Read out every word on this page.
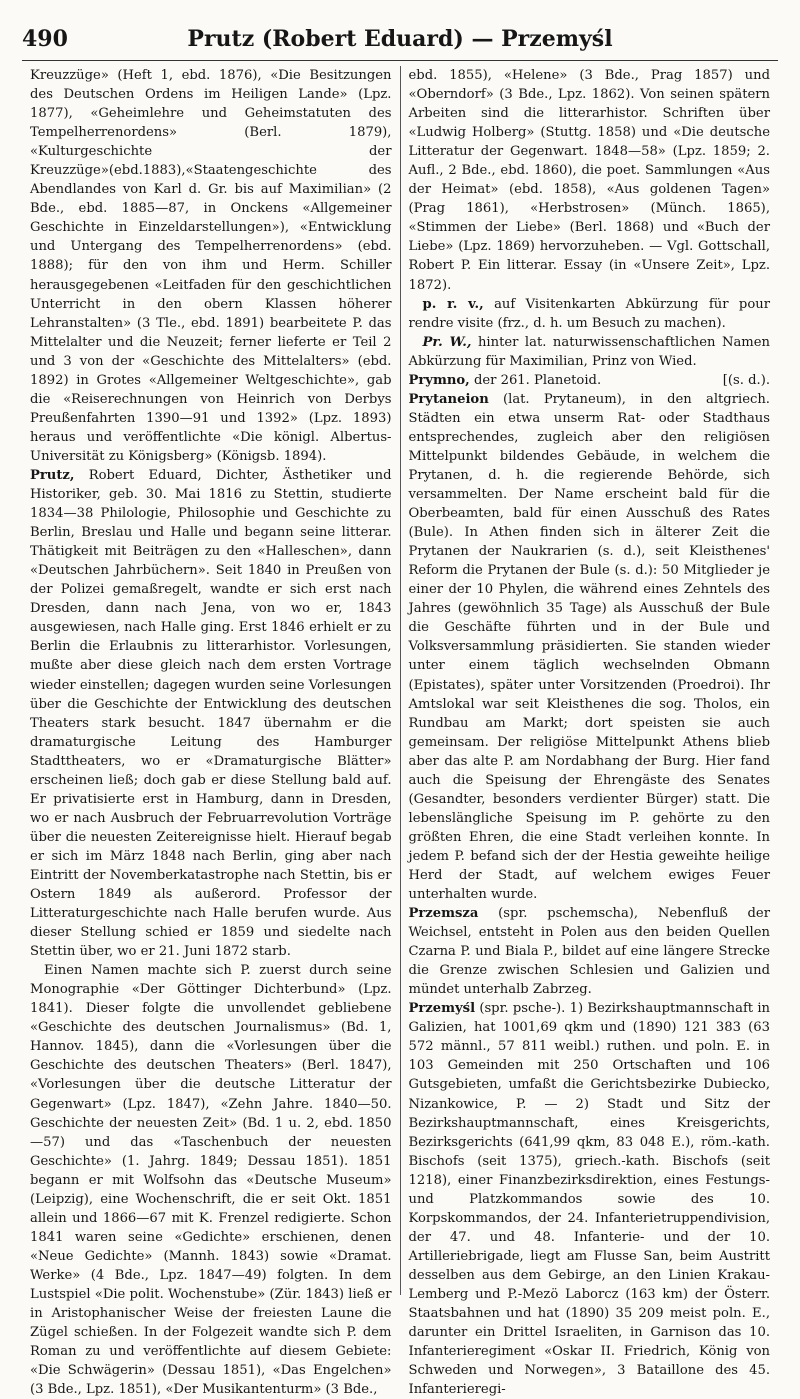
490	Prutz (Robert Eduard) — Przemyśl

Kreuzzüge» (Heft 1, ebd. 1876), «Die Besitzungen des Deutschen Ordens im Heiligen Lande» (Lpz. 1877), «Geheimlehre und Geheimstatuten des Tempelherrenordens» (Berl. 1879), «Kulturgeschichte der Kreuzzüge»(ebd.1883),«Staatengeschichte des Abendlandes von Karl d. Gr. bis auf Maximilian» (2 Bde., ebd. 1885—87, in Onckens «Allgemeiner Geschichte in Einzeldarstellungen»), «Entwicklung und Untergang des Tempelherrenordens» (ebd. 1888); für den von ihm und Herm. Schiller herausgegebenen «Leitfaden für den geschichtlichen Unterricht in den obern Klassen höherer Lehranstalten» (3 Tle., ebd. 1891) bearbeitete P. das Mittelalter und die Neuzeit; ferner lieferte er Teil 2 und 3 von der «Geschichte des Mittelalters» (ebd. 1892) in Grotes «Allgemeiner Weltgeschichte», gab die «Reiserechnungen von Heinrich von Derbys Preußenfahrten 1390—91 und 1392» (Lpz. 1893) heraus und veröffentlichte «Die königl. Albertus-Universität zu Königsberg» (Königsb. 1894).

Prutz, Robert Eduard, Dichter, Ästhetiker und Historiker, geb. 30. Mai 1816 zu Stettin, studierte 1834—38 Philologie, Philosophie und Geschichte zu Berlin, Breslau und Halle und begann seine litterar. Thätigkeit mit Beiträgen zu den «Halleschen», dann «Deutschen Jahrbüchern». Seit 1840 in Preußen von der Polizei gemaßregelt, wandte er sich erst nach Dresden, dann nach Jena, von wo er, 1843 ausgewiesen, nach Halle ging. Erst 1846 erhielt er zu Berlin die Erlaubnis zu litterarhistor. Vorlesungen, mußte aber diese gleich nach dem ersten Vortrage wieder einstellen; dagegen wurden seine Vorlesungen über die Geschichte der Entwicklung des deutschen Theaters stark besucht. 1847 übernahm er die dramaturgische Leitung des Hamburger Stadttheaters, wo er «Dramaturgische Blätter» erscheinen ließ; doch gab er diese Stellung bald auf. Er privatisierte erst in Hamburg, dann in Dresden, wo er nach Ausbruch der Februarrevolution Vorträge über die neuesten Zeitereignisse hielt. Hierauf begab er sich im März 1848 nach Berlin, ging aber nach Eintritt der Novemberkatastrophe nach Stettin, bis er Ostern 1849 als außerord. Professor der Litteraturgeschichte nach Halle berufen wurde. Aus dieser Stellung schied er 1859 und siedelte nach Stettin über, wo er 21. Juni 1872 starb.

Einen Namen machte sich P. zuerst durch seine Monographie «Der Göttinger Dichterbund» (Lpz. 1841). Dieser folgte die unvollendet gebliebene «Geschichte des deutschen Journalismus» (Bd. 1, Hannov. 1845), dann die «Vorlesungen über die Geschichte des deutschen Theaters» (Berl. 1847), «Vorlesungen über die deutsche Litteratur der Gegenwart» (Lpz. 1847), «Zehn Jahre. 1840—50. Geschichte der neuesten Zeit» (Bd. 1 u. 2, ebd. 1850—57) und das «Taschenbuch der neuesten Geschichte» (1. Jahrg. 1849; Dessau 1851). 1851 begann er mit Wolfsohn das «Deutsche Museum» (Leipzig), eine Wochenschrift, die er seit Okt. 1851 allein und 1866—67 mit K. Frenzel redigierte. Schon 1841 waren seine «Gedichte» erschienen, denen «Neue Gedichte» (Mannh. 1843) sowie «Dramat. Werke» (4 Bde., Lpz. 1847—49) folgten. In dem Lustspiel «Die polit. Wochenstube» (Zür. 1843) ließ er in Aristophanischer Weise der freiesten Laune die Zügel schießen. In der Folgezeit wandte sich P. dem Roman zu und veröffentlichte auf diesem Gebiete: «Die Schwägerin» (Dessau 1851), «Das Engelchen» (3 Bde., Lpz. 1851), «Der Musikantenturm» (3 Bde.,

ebd. 1855), «Helene» (3 Bde., Prag 1857) und «Oberndorf» (3 Bde., Lpz. 1862). Von seinen spätern Arbeiten sind die litterarhistor. Schriften über «Ludwig Holberg» (Stuttg. 1858) und «Die deutsche Litteratur der Gegenwart. 1848—58» (Lpz. 1859; 2. Aufl., 2 Bde., ebd. 1860), die poet. Sammlungen «Aus der Heimat» (ebd. 1858), «Aus goldenen Tagen» (Prag 1861), «Herbstrosen» (Münch. 1865), «Stimmen der Liebe» (Berl. 1868) und «Buch der Liebe» (Lpz. 1869) hervorzuheben. — Vgl. Gottschall, Robert P. Ein litterar. Essay (in «Unsere Zeit», Lpz. 1872).

p. r. v., auf Visitenkarten Abkürzung für pour rendre visite (frz., d. h. um Besuch zu machen).

Pr. W., hinter lat. naturwissenschaftlichen Namen Abkürzung für Maximilian, Prinz von Wied.

[(s. d.).
Prymno, der 261. Planetoid.

Prytaneion (lat. Prytaneum), in den altgriech. Städten ein etwa unserm Rat- oder Stadthaus entsprechendes, zugleich aber den religiösen Mittelpunkt bildendes Gebäude, in welchem die Prytanen, d. h. die regierende Behörde, sich versammelten. Der Name erscheint bald für die Oberbeamten, bald für einen Ausschuß des Rates (Bule). In Athen finden sich in älterer Zeit die Prytanen der Naukrarien (s. d.), seit Kleisthenes' Reform die Prytanen der Bule (s. d.): 50 Mitglieder je einer der 10 Phylen, die während eines Zehntels des Jahres (gewöhnlich 35 Tage) als Ausschuß der Bule die Geschäfte führten und in der Bule und Volksversammlung präsidierten. Sie standen wieder unter einem täglich wechselnden Obmann (Epistates), später unter Vorsitzenden (Proedroi). Ihr Amtslokal war seit Kleisthenes die sog. Tholos, ein Rundbau am Markt; dort speisten sie auch gemeinsam. Der religiöse Mittelpunkt Athens blieb aber das alte P. am Nordabhang der Burg. Hier fand auch die Speisung der Ehrengäste des Senates (Gesandter, besonders verdienter Bürger) statt. Die lebenslängliche Speisung im P. gehörte zu den größten Ehren, die eine Stadt verleihen konnte. In jedem P. befand sich der der Hestia geweihte heilige Herd der Stadt, auf welchem ewiges Feuer unterhalten wurde.

Przemsza (spr. pschemscha), Nebenfluß der Weichsel, entsteht in Polen aus den beiden Quellen Czarna P. und Biala P., bildet auf eine längere Strecke die Grenze zwischen Schlesien und Galizien und mündet unterhalb Zabrzeg.

Przemyśl (spr. psche-). 1) Bezirkshauptmannschaft in Galizien, hat 1001,69 qkm und (1890) 121 383 (63 572 männl., 57 811 weibl.) ruthen. und poln. E. in 103 Gemeinden mit 250 Ortschaften und 106 Gutsgebieten, umfaßt die Gerichtsbezirke Dubiecko, Nizankowice, P. — 2) Stadt und Sitz der Bezirkshauptmannschaft, eines Kreisgerichts, Bezirksgerichts (641,99 qkm, 83 048 E.), röm.-kath. Bischofs (seit 1375), griech.-kath. Bischofs (seit 1218), einer Finanzbezirksdirektion, eines Festungs- und Platzkommandos sowie des 10. Korpskommandos, der 24. Infanterietruppendivision, der 47. und 48. Infanterie- und der 10. Artilleriebrigade, liegt am Flusse San, beim Austritt desselben aus dem Gebirge, an den Linien Krakau-Lemberg und P.-Mezö Laborcz (163 km) der Österr. Staatsbahnen und hat (1890) 35 209 meist poln. E., darunter ein Drittel Israeliten, in Garnison das 10. Infanterieregiment «Oskar II. Friedrich, König von Schweden und Norwegen», 3 Bataillone des 45. Infanterieregi-
